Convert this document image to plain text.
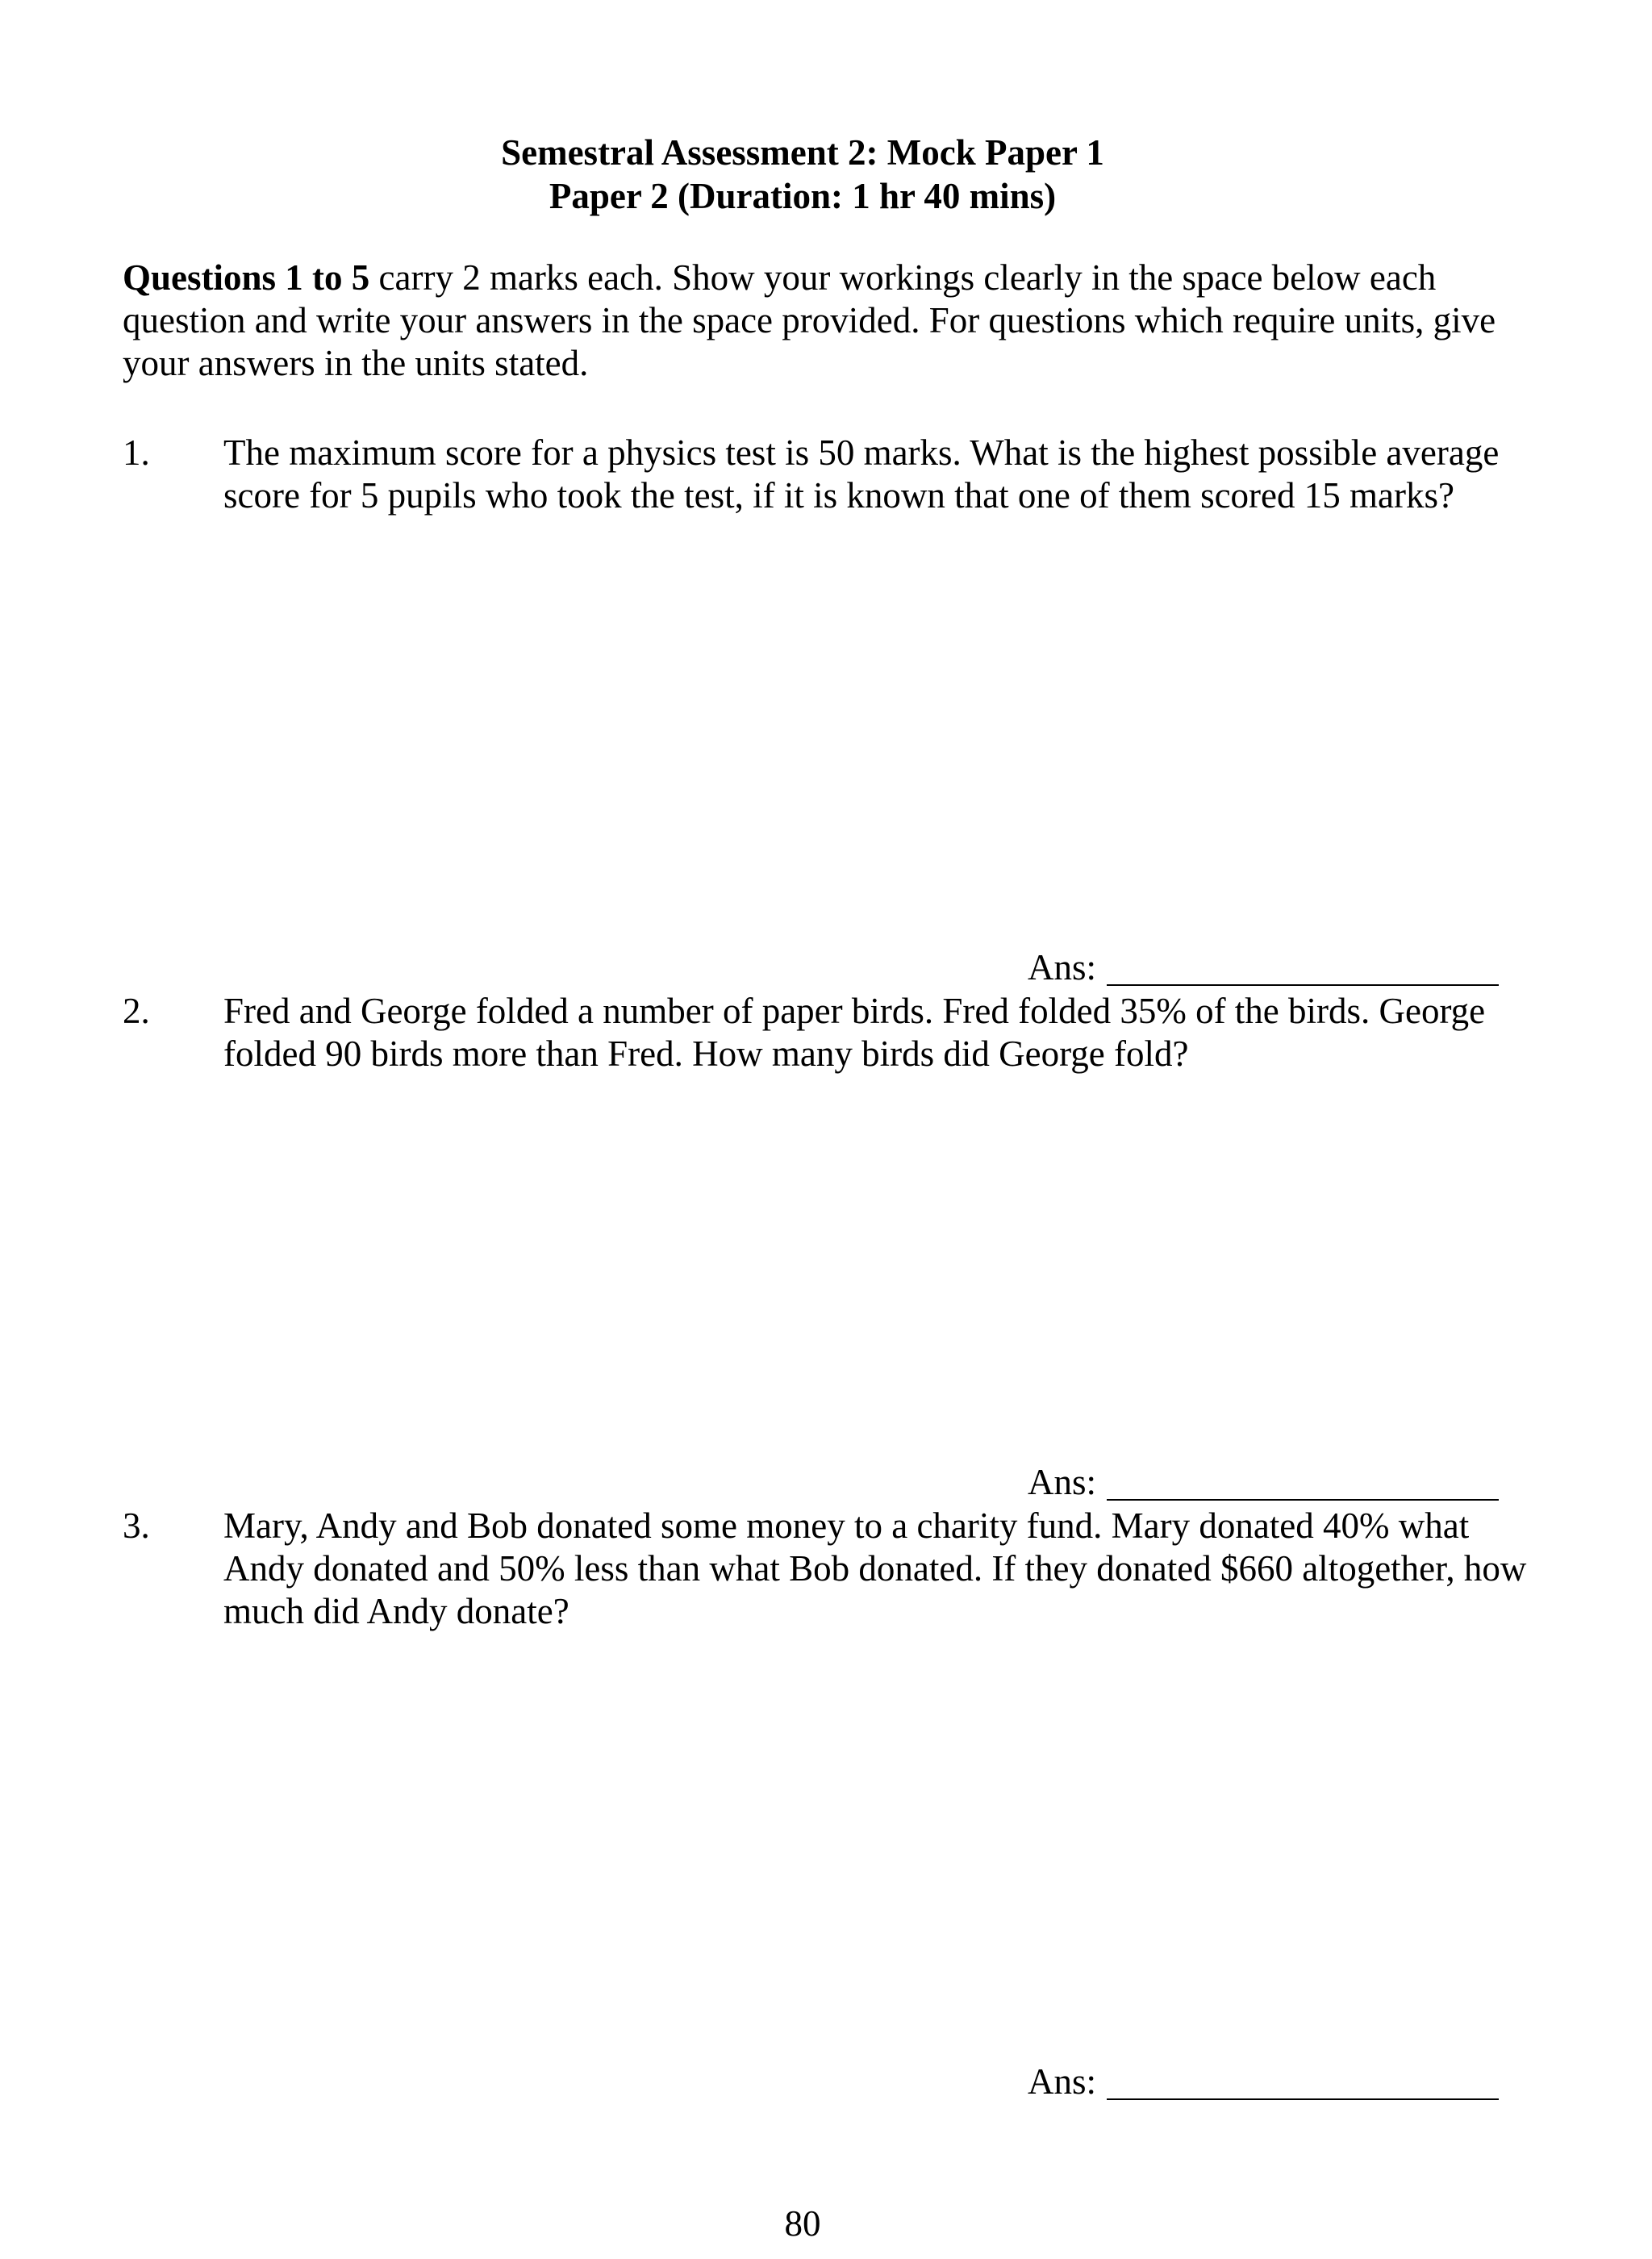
Semestral Assessment 2: Mock Paper 1
Paper 2 (Duration: 1 hr 40 mins)
Questions 1 to 5 carry 2 marks each. Show your workings clearly in the space below each question and write your answers in the space provided. For questions which require units, give your answers in the units stated.
1. The maximum score for a physics test is 50 marks. What is the highest possible average score for 5 pupils who took the test, if it is known that one of them scored 15 marks?
Ans:
2. Fred and George folded a number of paper birds. Fred folded 35% of the birds. George folded 90 birds more than Fred. How many birds did George fold?
Ans:
3. Mary, Andy and Bob donated some money to a charity fund. Mary donated 40% what Andy donated and 50% less than what Bob donated. If they donated $660 altogether, how much did Andy donate?
Ans:
80
